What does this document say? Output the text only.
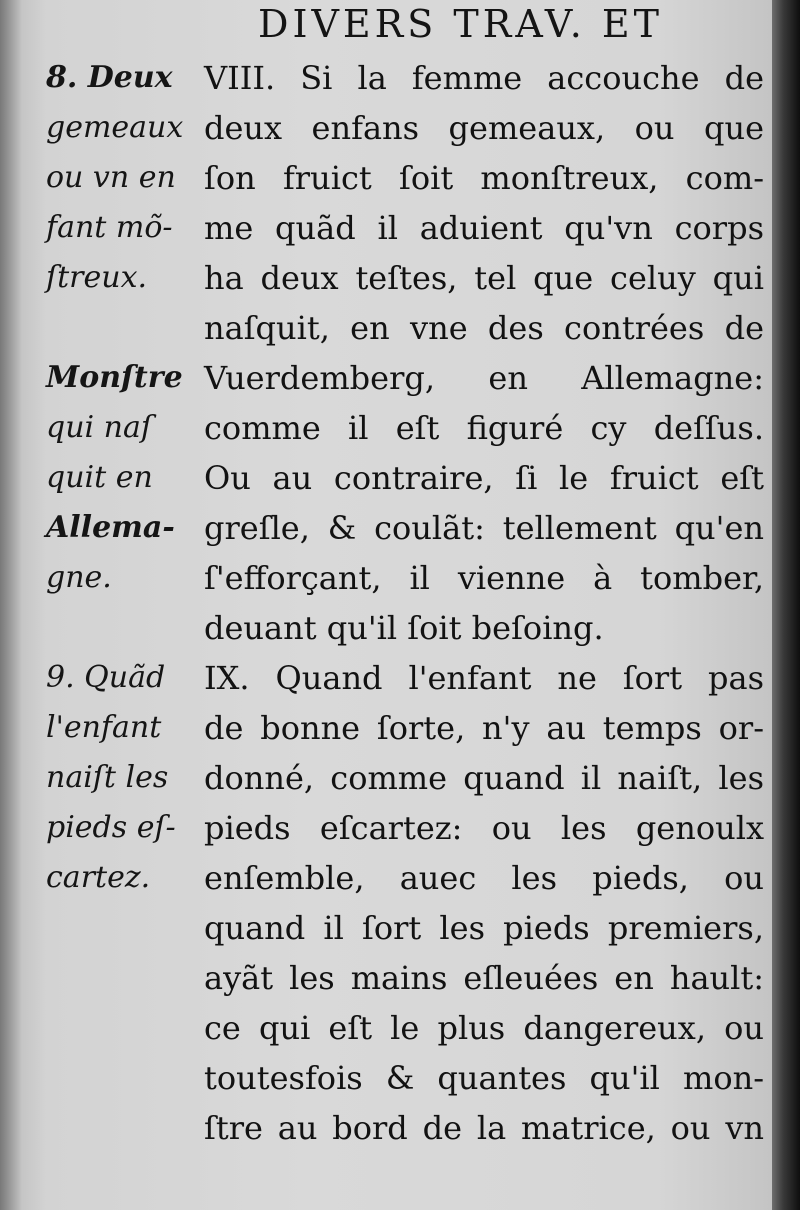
DIVERS TRAV. ET
8. Deux
gemeaux
ou vn en
fant mõ-
ſtreux.
Monſtre
qui naſ
quit en
Allema-
gne.
9. Quãd
l'enfant
naiſt les
pieds eſ-
cartez.
VIII. Si la femme accouche de
deux enfans gemeaux, ou que
ſon fruict ſoit monſtreux, com-
me quãd il aduient qu'vn corps
ha deux teſtes, tel que celuy qui
naſquit, en vne des contrées de
Vuerdemberg, en Allemagne:
comme il eſt figuré cy deſſus.
Ou au contraire, ſi le fruict eſt
greſle, & coulãt: tellement qu'en
ſ'efforçant, il vienne à tomber,
deuant qu'il ſoit beſoing.
IX. Quand l'enfant ne ſort pas
de bonne ſorte, n'y au temps or-
donné, comme quand il naiſt, les
pieds eſcartez: ou les genoulx
enſemble, auec les pieds, ou
quand il ſort les pieds premiers,
ayãt les mains eſleuées en hault:
ce qui eſt le plus dangereux, ou
toutesfois & quantes qu'il mon-
ſtre au bord de la matrice, ou vn
